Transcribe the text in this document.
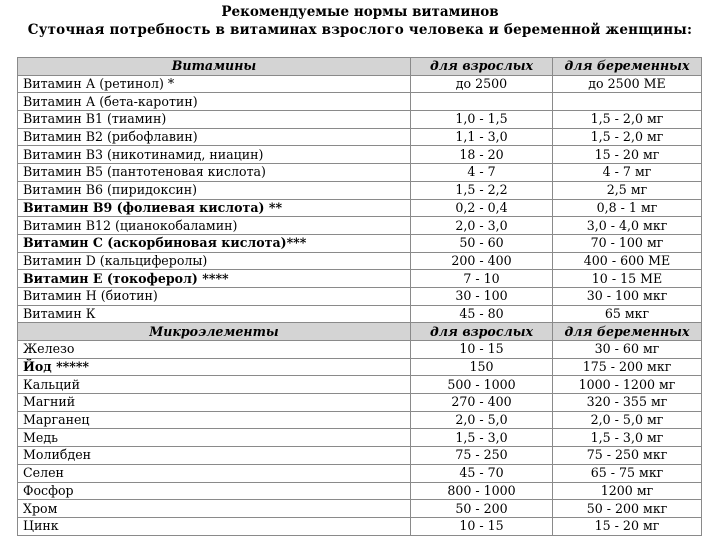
Рекомендуемые нормы витаминов
Суточная потребность в витаминах взрослого человека и беременной женщины:
Витамины	для взрослых	для беременных
Витамин А (ретинол) *	до 2500	до 2500 МЕ
Витамин А (бета-каротин)		
Витамин В1 (тиамин)	1,0 - 1,5	1,5 - 2,0 мг
Витамин В2 (рибофлавин)	1,1 - 3,0	1,5 - 2,0 мг
Витамин В3 (никотинамид, ниацин)	18 - 20	15 - 20 мг
Витамин В5 (пантотеновая кислота)	4 - 7	4 - 7 мг
Витамин В6 (пиридоксин)	1,5 - 2,2	2,5 мг
Витамин В9 (фолиевая кислота) **	0,2 - 0,4	0,8 - 1 мг
Витамин В12 (цианокобаламин)	2,0 - 3,0	3,0 - 4,0 мкг
Витамин С (аскорбиновая кислота)***	50 - 60	70 - 100 мг
Витамин D (кальциферолы)	200 - 400	400 - 600 МЕ
Витамин Е (токоферол) ****	7 - 10	10 - 15 МЕ
Витамин Н (биотин)	30 - 100	30 - 100 мкг
Витамин К	45 - 80	65 мкг
Микроэлементы	для взрослых	для беременных
Железо	10 - 15	30 - 60 мг
Йод *****	150	175 - 200 мкг
Кальций	500 - 1000	1000 - 1200 мг
Магний	270 - 400	320 - 355 мг
Марганец	2,0 - 5,0	2,0 - 5,0 мг
Медь	1,5 - 3,0	1,5 - 3,0 мг
Молибден	75 - 250	75 - 250 мкг
Селен	45 - 70	65 - 75 мкг
Фосфор	800 - 1000	1200 мг
Хром	50 - 200	50 - 200 мкг
Цинк	10 - 15	15 - 20 мг
